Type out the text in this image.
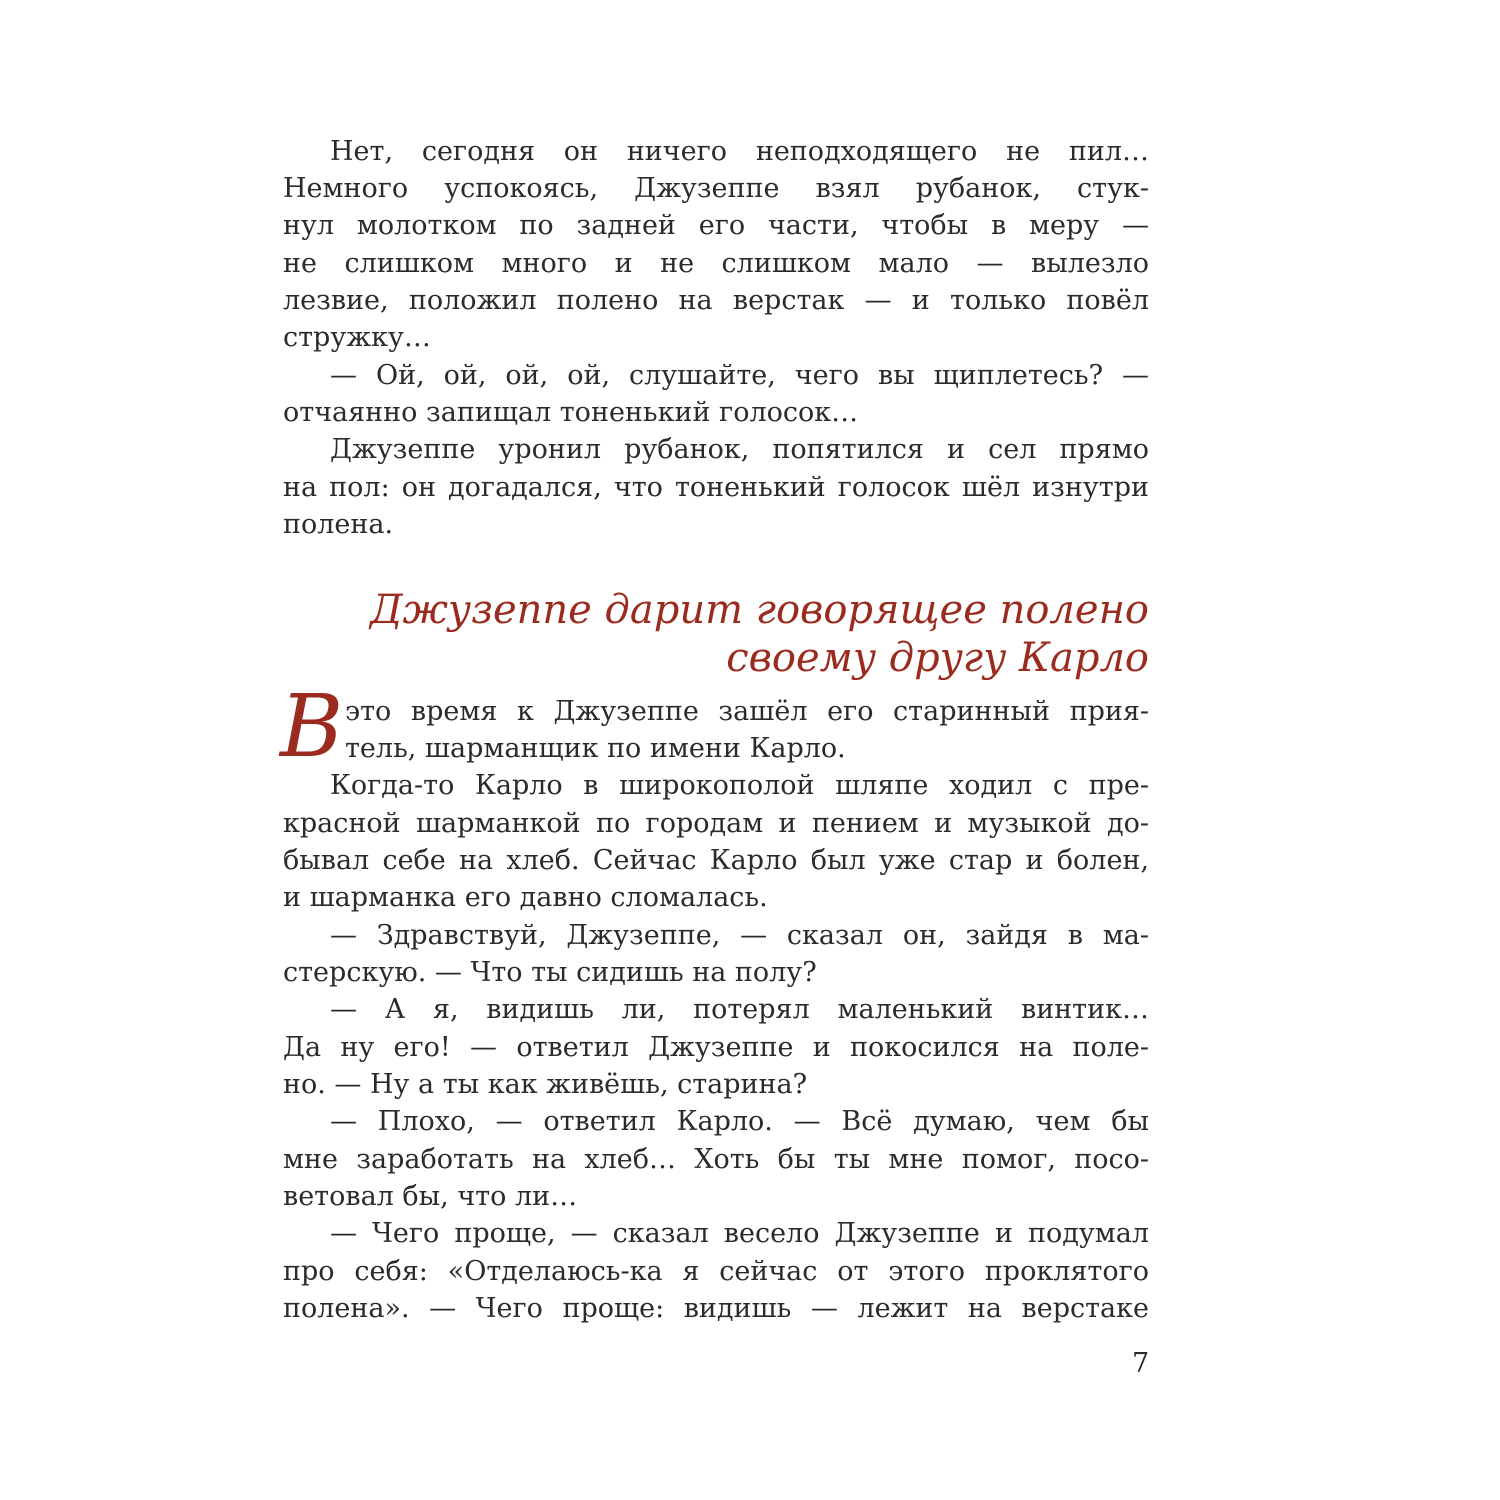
Нет, сегодня он ничего неподходящего не пил…

Немного успокоясь, Джузеппе взял рубанок, стук-

нул молотком по задней его части, чтобы в меру —

не слишком много и не слишком мало — вылезло

лезвие, положил полено на верстак — и только повёл

стружку…

— Ой, ой, ой, ой, слушайте, чего вы щиплетесь? —

отчаянно запищал тоненький голосок…

Джузеппе уронил рубанок, попятился и сел прямо

на пол: он догадался, что тоненький голосок шёл изнутри

полена.

Джузеппе дарит говорящее полено

своему другу Карло

В это время к Джузеппе зашёл его старинный прия-

тель, шарманщик по имени Карло.

Когда-то Карло в широкополой шляпе ходил с пре-

красной шарманкой по городам и пением и музыкой до-

бывал себе на хлеб. Сейчас Карло был уже стар и болен,

и шарманка его давно сломалась.

— Здравствуй, Джузеппе, — сказал он, зайдя в ма-

стерскую. — Что ты сидишь на полу?

— А я, видишь ли, потерял маленький винтик…

Да ну его! — ответил Джузеппе и покосился на поле-

но. — Ну а ты как живёшь, старина?

— Плохо, — ответил Карло. — Всё думаю, чем бы

мне заработать на хлеб… Хоть бы ты мне помог, посо-

ветовал бы, что ли…

— Чего проще, — сказал весело Джузеппе и подумал

про себя: «Отделаюсь-ка я сейчас от этого проклятого

полена». — Чего проще: видишь — лежит на верстаке

7
